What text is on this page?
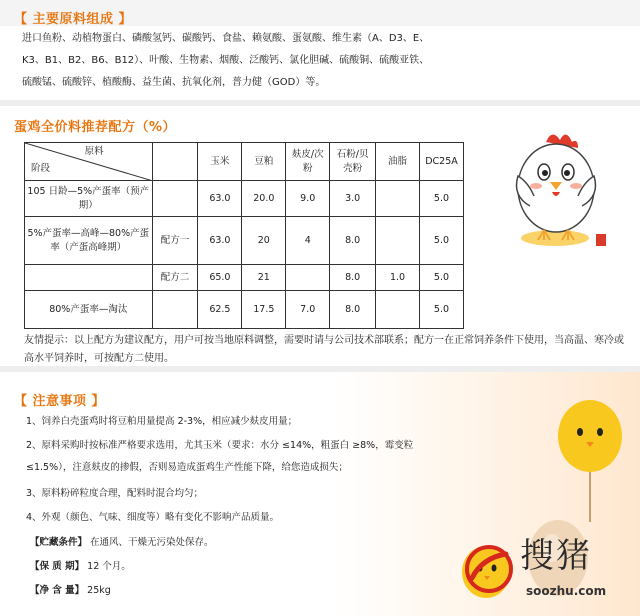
【 主要原料组成 】
进口鱼粉、动植物蛋白、磷酸氢钙、碳酸钙、食盐、赖氨酸、蛋氨酸、维生素（A、D3、E、
K3、B1、B2、B6、B12）、叶酸、生物素、烟酸、泛酸钙、氯化胆碱、硫酸铜、硫酸亚铁、
硫酸锰、硫酸锌、植酸酶、益生菌、抗氧化剂，普力健（GOD）等。
蛋鸡全价料推荐配方（%）
原料
阶段		玉米	豆粕	麸皮/次粉	石粉/贝壳粉	油脂	DC25A
105 日龄—5%产蛋率（预产期）		63.0	20.0	9.0	3.0		5.0
5%产蛋率—高峰—80%产蛋率（产蛋高峰期）	配方一	63.0	20	4	8.0		5.0
	配方二	65.0	21		8.0	1.0	5.0
80%产蛋率—淘汰		62.5	17.5	7.0	8.0		5.0
友情提示：以上配方为建议配方，用户可按当地原料调整，需要时请与公司技术部联系；配方一在正常饲养条件下使用，当高温、寒冷或高水平饲养时，可按配方二使用。
【 注意事项 】
1、饲养白壳蛋鸡时将豆粕用量提高 2-3%，相应减少麸皮用量；
2、原料采购时按标准严格要求选用，尤其玉米（要求：水分 ≤14%，粗蛋白 ≥8%，霉变粒
≤1.5%），注意麸皮的掺假，否则易造成蛋鸡生产性能下降，给您造成损失；
3、原料粉碎粒度合理，配料时混合均匀；
4、外观（颜色、气味、细度等）略有变化不影响产品质量。
【贮藏条件】 在通风、干燥无污染处保存。
【保 质 期】 12 个月。
【净 含 量】 25kg
搜猪
soozhu.com
